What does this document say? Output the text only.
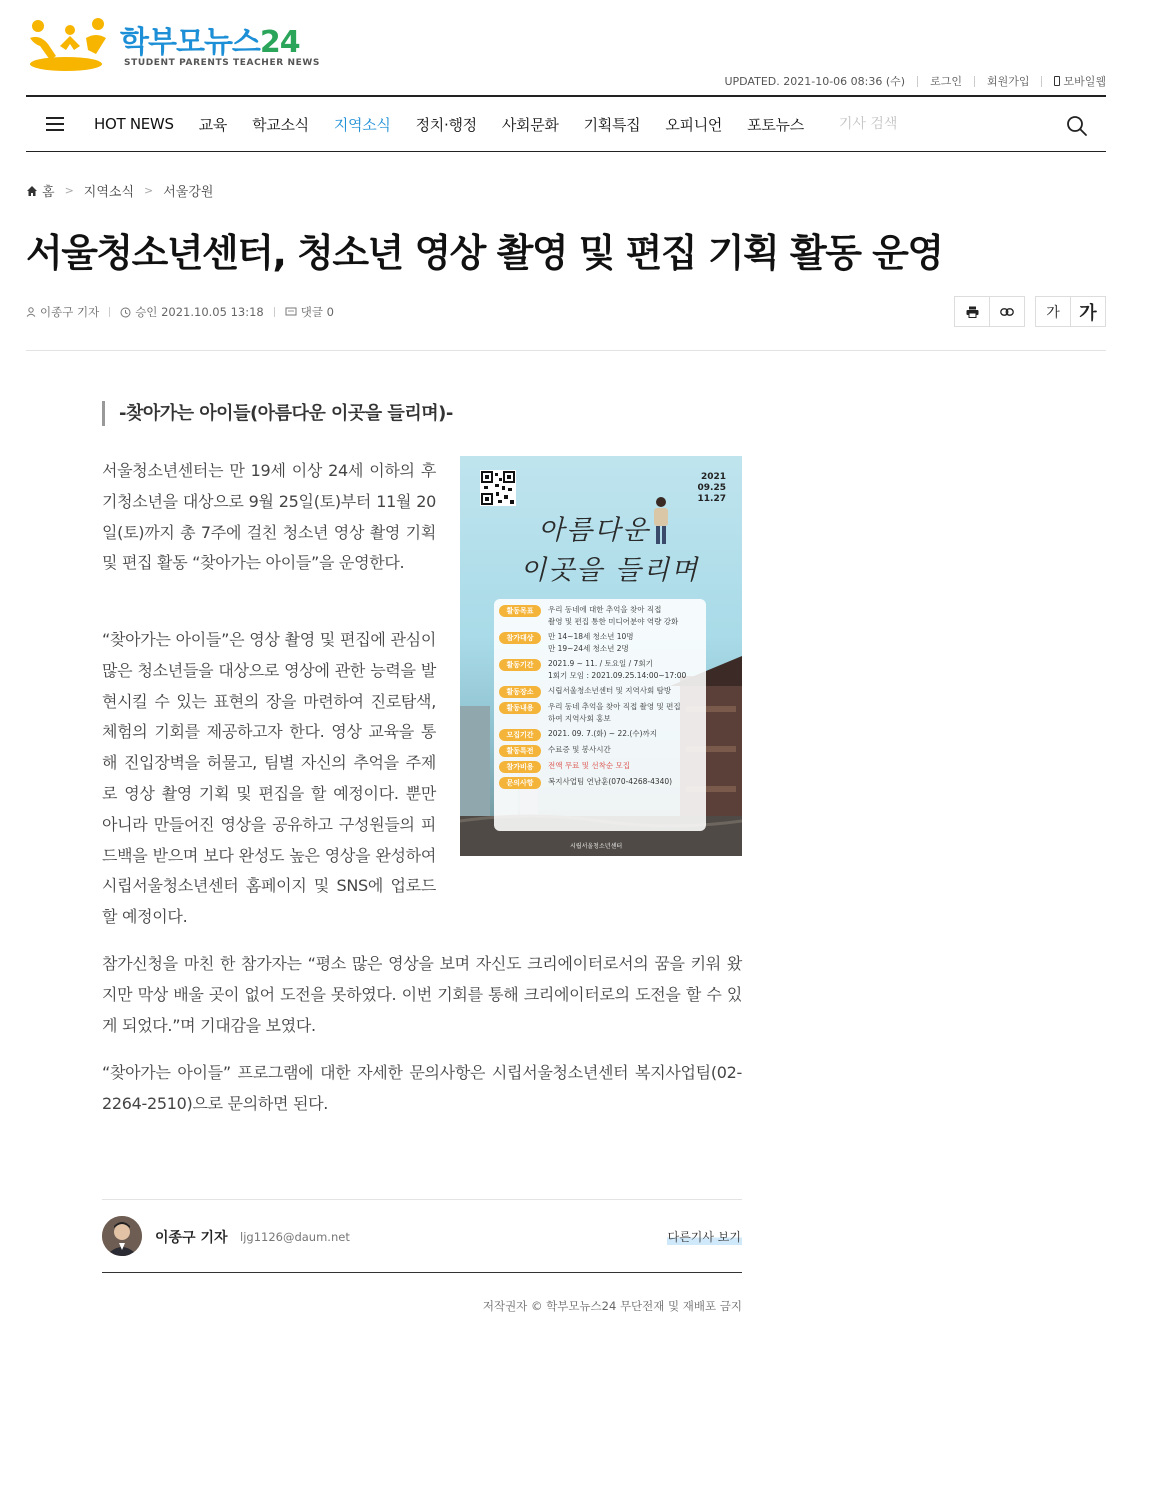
학부모뉴스24
STUDENT PARENTS TEACHER NEWS
UPDATED. 2021-10-06 08:36 (수) 로그인 회원가입	모바일웹
HOT NEWS 교육 학교소식 지역소식 정치·행정 사회문화 기획특집 오피니언 포토뉴스
기사 검색
홈 > 지역소식 > 서울강원
서울청소년센터, 청소년 영상 촬영 및 편집 기획 활동 운영
이종구 기자	승인 2021.10.05 13:18	댓글 0	가	가
-찾아가는 아이들(아름다운 이곳을 들리며)-

서울청소년센터는 만 19세 이상 24세 이하의 후기청소년을 대상으로 9월 25일(토)부터 11월 20일(토)까지 총 7주에 걸친 청소년 영상 촬영 기획 및 편집 활동 “찾아가는 아이들”을 운영한다.

“찾아가는 아이들”은 영상 촬영 및 편집에 관심이 많은 청소년들을 대상으로 영상에 관한 능력을 발현시킬 수 있는 표현의 장을 마련하여 진로탐색, 체험의 기회를 제공하고자 한다. 영상 교육을 통해 진입장벽을 허물고, 팀별 자신의 추억을 주제로 영상 촬영 기획 및 편집을 할 예정이다. 뿐만 아니라 만들어진 영상을 공유하고 구성원들의 피드백을 받으며 보다 완성도 높은 영상을 완성하여 시립서울청소년센터 홈페이지 및 SNS에 업로드 할 예정이다.

2021
09.25
11.27
아름다운
이곳을 들리며
활동목표	우리 동네에 대한 추억을 찾아 직접
촬영 및 편집 통한 미디어분야 역량 강화
참가대상	만 14~18세 청소년 10명
만 19~24세 청소년 2명
활동기간	2021.9 ~ 11. / 토요일 / 7회기
1회기 모임 : 2021.09.25.14:00~17:00
활동장소	시립서울청소년센터 및 지역사회 탐방
활동내용	우리 동네 추억을 찾아 직접 촬영 및 편집
하여 지역사회 홍보
모집기간	2021. 09. 7.(화) ~ 22.(수)까지
활동특전	수료증 및 봉사시간
참가비용	전액 무료 및 선착순 모집
문의사항	복지사업팀 연남훈(070-4268-4340)
시립서울청소년센터

참가신청을 마친 한 참가자는 “평소 많은 영상을 보며 자신도 크리에이터로서의 꿈을 키워 왔지만 막상 배울 곳이 없어 도전을 못하였다. 이번 기회를 통해 크리에이터로의 도전을 할 수 있게 되었다.”며 기대감을 보였다.

“찾아가는 아이들” 프로그램에 대한 자세한 문의사항은 시립서울청소년센터 복지사업팀(02-2264-2510)으로 문의하면 된다.

이종구 기자 ljg1126@daum.net	다른기사 보기
저작권자 © 학부모뉴스24 무단전재 및 재배포 금지
